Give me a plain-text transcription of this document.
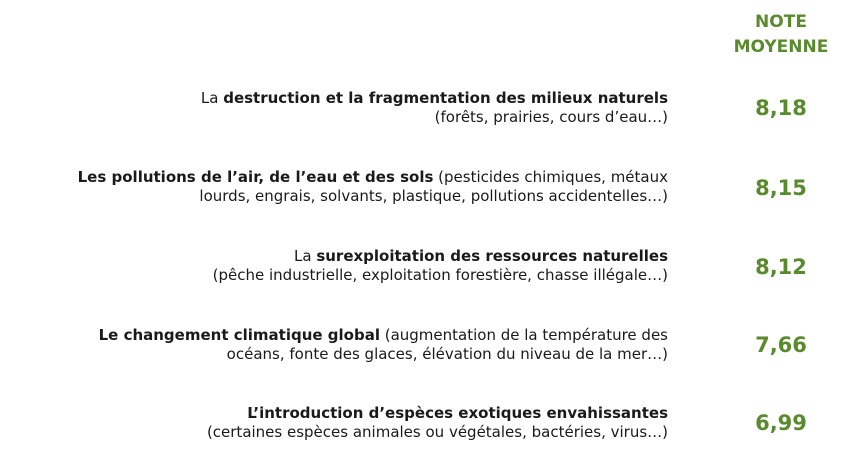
NOTE
MOYENNE
La destruction et la fragmentation des milieux naturels
(forêts, prairies, cours d’eau…)	8,18
Les pollutions de l’air, de l’eau et des sols (pesticides chimiques, métaux
lourds, engrais, solvants, plastique, pollutions accidentelles…)	8,15
La surexploitation des ressources naturelles
(pêche industrielle, exploitation forestière, chasse illégale…)	8,12
Le changement climatique global (augmentation de la température des
océans, fonte des glaces, élévation du niveau de la mer…)	7,66
L’introduction d’espèces exotiques envahissantes
(certaines espèces animales ou végétales, bactéries, virus…)	6,99
